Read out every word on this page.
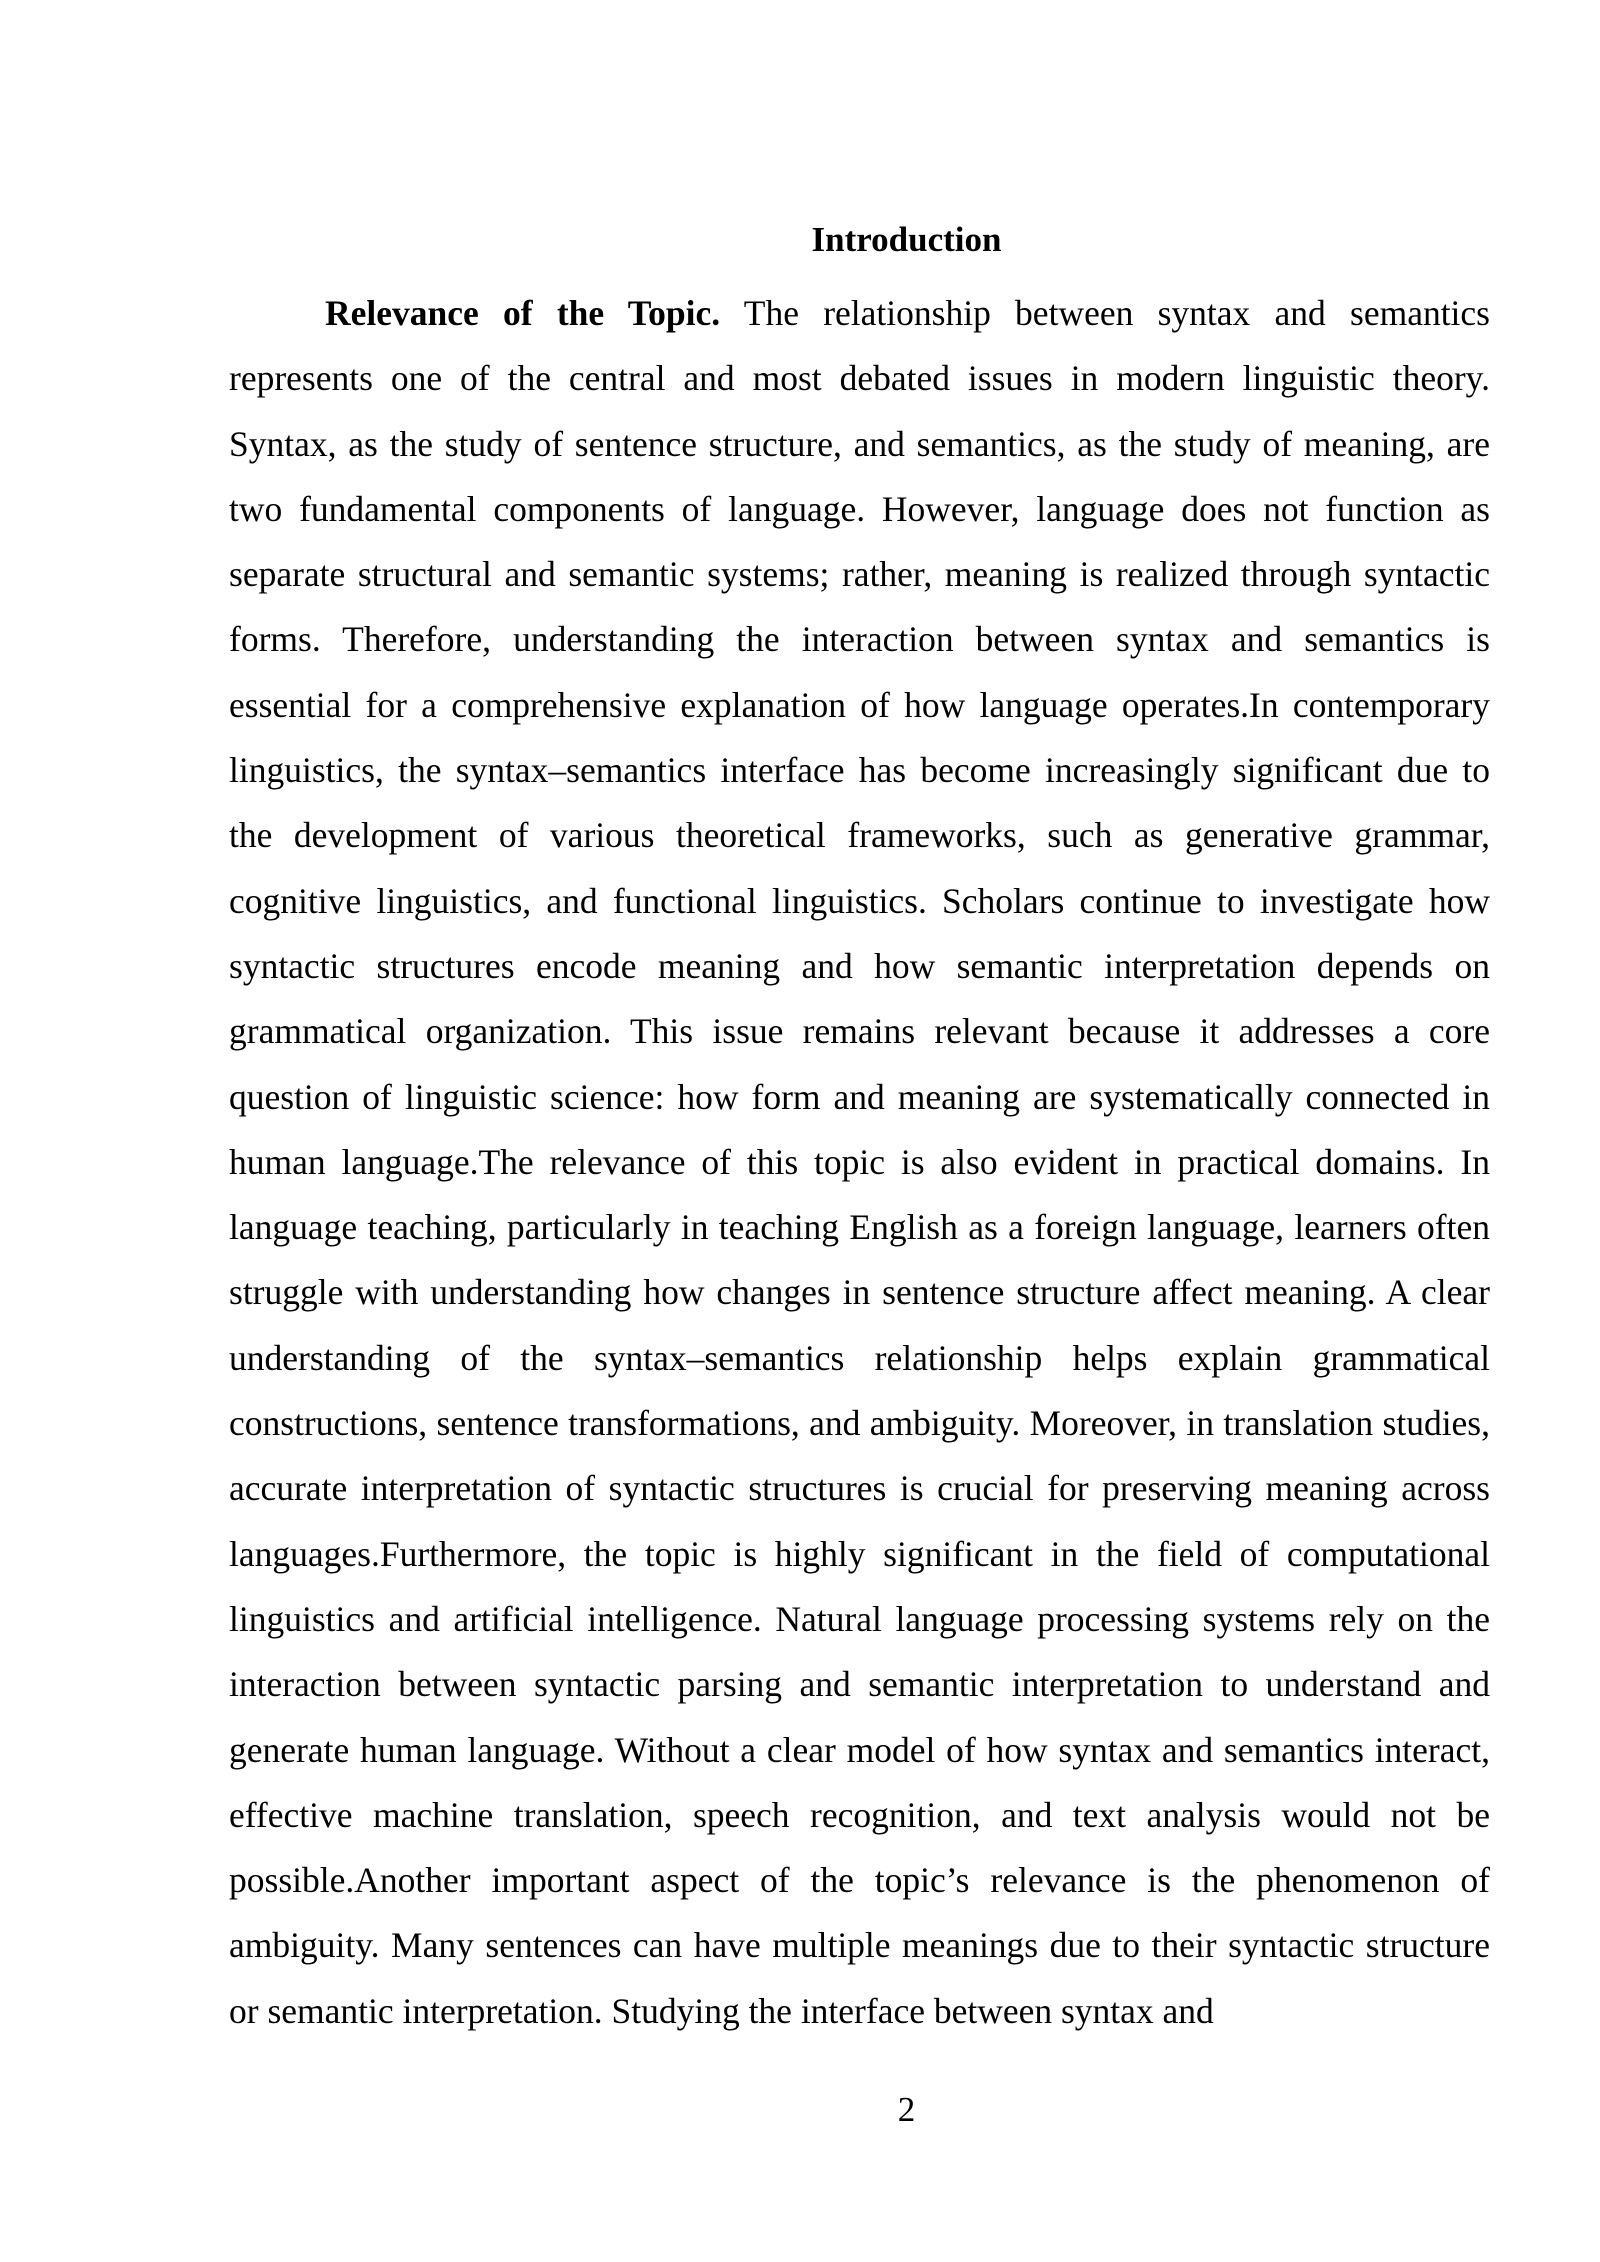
Introduction

Relevance of the Topic. The relationship between syntax and semantics represents one of the central and most debated issues in modern linguistic theory. Syntax, as the study of sentence structure, and semantics, as the study of meaning, are two fundamental components of language. However, language does not function as separate structural and semantic systems; rather, meaning is realized through syntactic forms. Therefore, understanding the interaction between syntax and semantics is essential for a comprehensive explanation of how language operates.In contemporary linguistics, the syntax–semantics interface has become increasingly significant due to the development of various theoretical frameworks, such as generative grammar, cognitive linguistics, and functional linguistics. Scholars continue to investigate how syntactic structures encode meaning and how semantic interpretation depends on grammatical organization. This issue remains relevant because it addresses a core question of linguistic science: how form and meaning are systematically connected in human language.The relevance of this topic is also evident in practical domains. In language teaching, particularly in teaching English as a foreign language, learners often struggle with understanding how changes in sentence structure affect meaning. A clear understanding of the syntax–semantics relationship helps explain grammatical constructions, sentence transformations, and ambiguity. Moreover, in translation studies, accurate interpretation of syntactic structures is crucial for preserving meaning across languages.Furthermore, the topic is highly significant in the field of computational linguistics and artificial intelligence. Natural language processing systems rely on the interaction between syntactic parsing and semantic interpretation to understand and generate human language. Without a clear model of how syntax and semantics interact, effective machine translation, speech recognition, and text analysis would not be possible.Another important aspect of the topic’s relevance is the phenomenon of ambiguity. Many sentences can have multiple meanings due to their syntactic structure or semantic interpretation. Studying the interface between syntax and

2
